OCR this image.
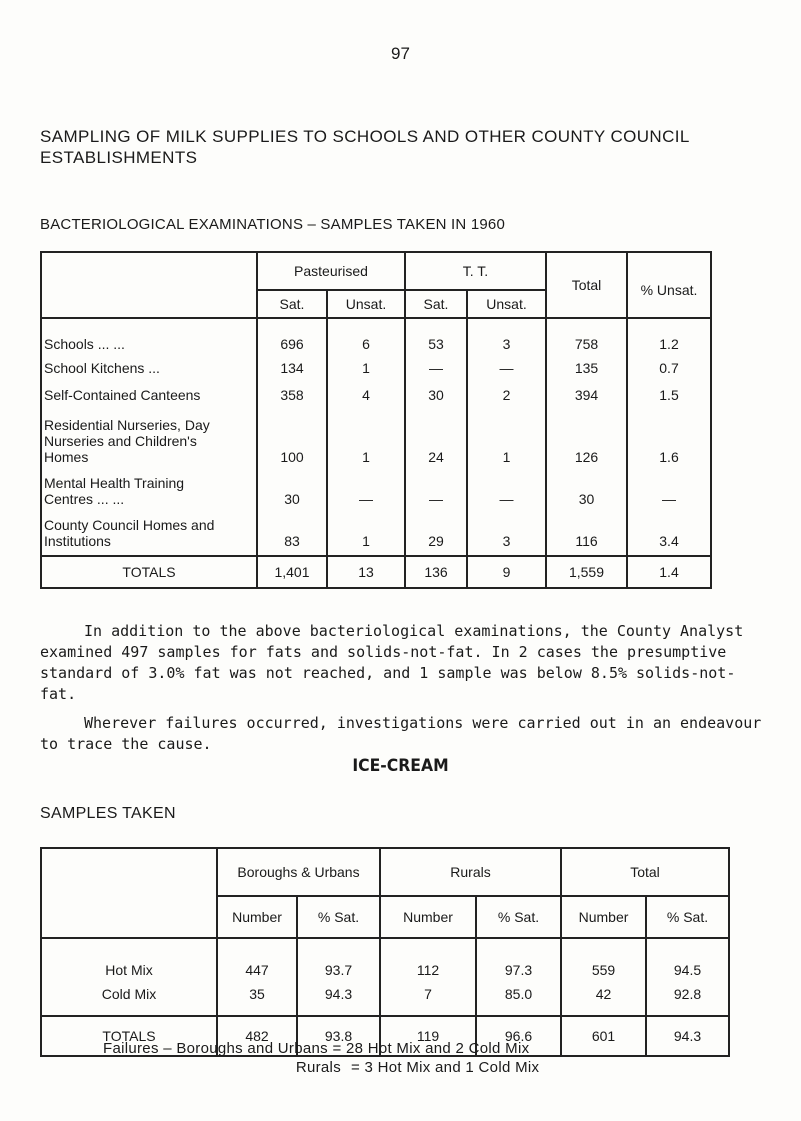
97
SAMPLING OF MILK SUPPLIES TO SCHOOLS AND OTHER COUNTY COUNCIL ESTABLISHMENTS
BACTERIOLOGICAL EXAMINATIONS – SAMPLES TAKEN IN 1960
	Pasteurised		T. T.		Total	% Unsat.
	Sat.	Unsat.	Sat.	Unsat.		
Schools ... ...	696	6	53	3	758	1.2
School Kitchens ...	134	1	—	—	135	0.7
Self-Contained Canteens	358	4	30	2	394	1.5
Residential Nurseries, Day Nurseries and Children's Homes	100	1	24	1	126	1.6
Mental Health Training Centres ... ...	30	—	—	—	30	—
County Council Homes and Institutions	83	1	29	3	116	3.4
TOTALS	1,401	13	136	9	1,559	1.4
In addition to the above bacteriological examinations, the County Analyst examined 497 samples for fats and solids-not-fat. In 2 cases the presumptive standard of 3.0% fat was not reached, and 1 sample was below 8.5% solids-not-fat.
Wherever failures occurred, investigations were carried out in an endeavour to trace the cause.
ICE-CREAM
SAMPLES TAKEN
	Boroughs & Urbans		Rurals		Total	
	Number	% Sat.	Number	% Sat.	Number	% Sat.
Hot Mix	447	93.7	112	97.3	559	94.5
Cold Mix	35	94.3	7	85.0	42	92.8
TOTALS	482	93.8	119	96.6	601	94.3
Failures – Boroughs and Urbans = 28 Hot Mix and 2 Cold Mix
Rurals = 3 Hot Mix and 1 Cold Mix
